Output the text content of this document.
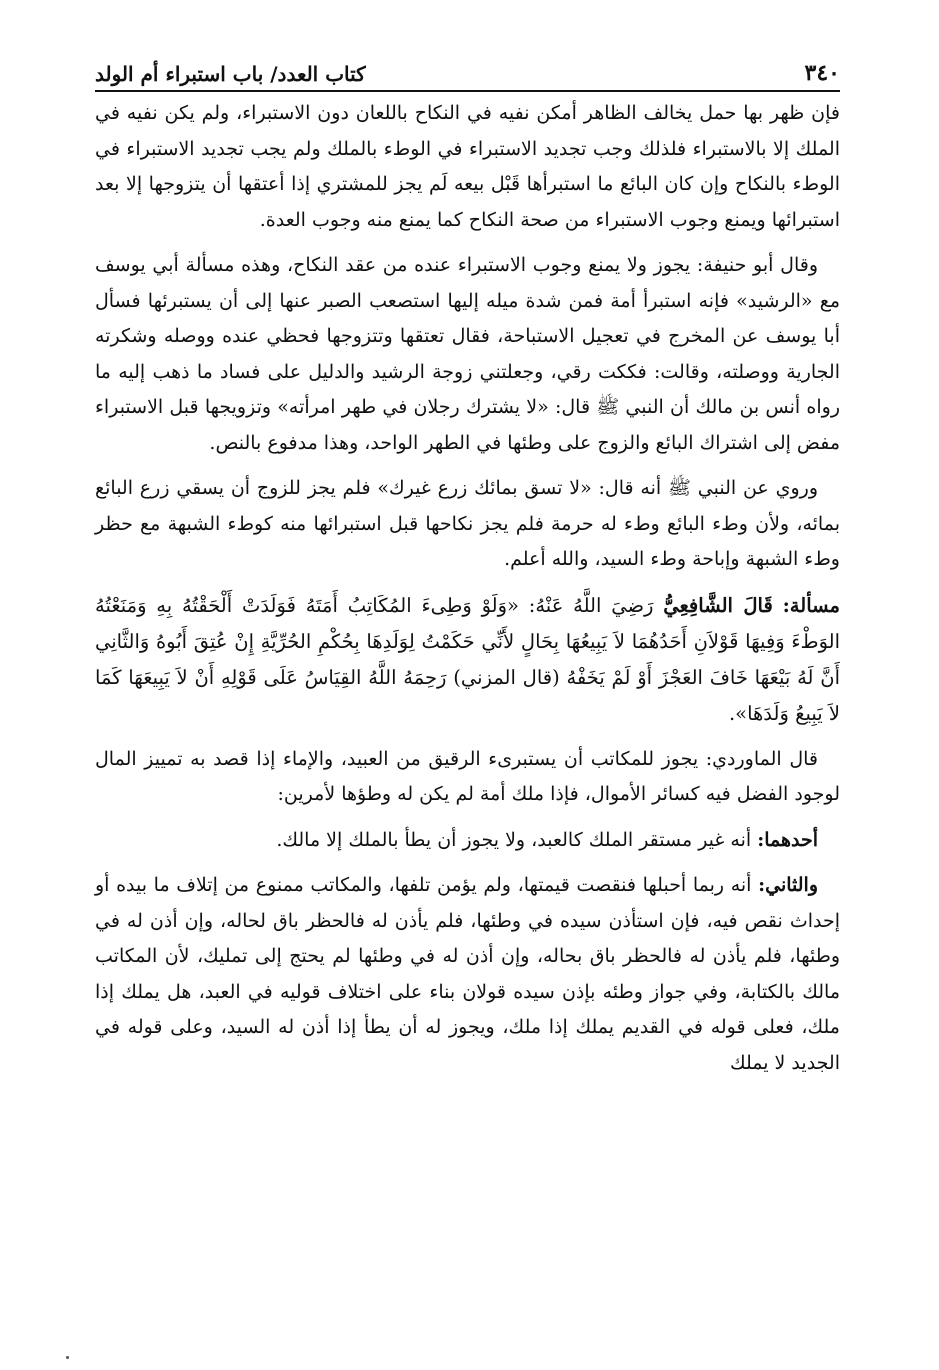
٣٤٠
كتاب العدد/ باب استبراء أم الولد

فإن ظهر بها حمل يخالف الظاهر أمكن نفيه في النكاح باللعان دون الاستبراء، ولم يكن نفيه في الملك إلا بالاستبراء فلذلك وجب تجديد الاستبراء في الوطء بالملك ولم يجب تجديد الاستبراء في الوطء بالنكاح وإن كان البائع ما استبرأها قَبْل بيعه لَم يجز للمشتري إذا أعتقها أن يتزوجها إلا بعد استبرائها ويمنع وجوب الاستبراء من صحة النكاح كما يمنع منه وجوب العدة.

وقال أبو حنيفة: يجوز ولا يمنع وجوب الاستبراء عنده من عقد النكاح، وهذه مسألة أبي يوسف مع «الرشيد» فإنه استبرأ أمة فمن شدة ميله إليها استصعب الصبر عنها إلى أن يستبرئها فسأل أبا يوسف عن المخرج في تعجيل الاستباحة، فقال تعتقها وتتزوجها فحظي عنده ووصله وشكرته الجارية ووصلته، وقالت: فككت رقي، وجعلتني زوجة الرشيد والدليل على فساد ما ذهب إليه ما رواه أنس بن مالك أن النبي ﷺ قال: «لا يشترك رجلان في طهر امرأته» وتزويجها قبل الاستبراء مفض إلى اشتراك البائع والزوج على وطئها في الطهر الواحد، وهذا مدفوع بالنص.

وروي عن النبي ﷺ أنه قال: «لا تسق بمائك زرع غيرك» فلم يجز للزوج أن يسقي زرع البائع بمائه، ولأن وطء البائع وطء له حرمة فلم يجز نكاحها قبل استبرائها منه كوطء الشبهة مع حظر وطء الشبهة وإباحة وطء السيد، والله أعلم.

مسألة: قَالَ الشَّافِعِيُّ رَضِيَ اللَّهُ عَنْهُ: «وَلَوْ وَطِىءَ المُكَاتِبُ أَمَتَهُ فَوَلَدَتْ أَلْحَقْتُهُ بِهِ وَمَنَعْتُهُ الوَطْءَ وَفِيهَا قَوْلاَنِ أَحَدُهُمَا لاَ يَبِيعُهَا بِحَالٍ لأَنِّي حَكَمْتُ لِوَلَدِهَا بِحُكْمِ الحُرِّيَّةِ إِنْ عُتِقَ أَبُوهُ وَالثَّانِي أَنَّ لَهُ بَيْعَهَا خَافَ العَجْزَ أَوْ لَمْ يَخَفْهُ (قال المزني) رَحِمَهُ اللَّهُ القِيَاسُ عَلَى قَوْلِهِ أَنْ لاَ يَبِيعَهَا كَمَا لاَ يَبِيعُ وَلَدَهَا».

قال الماوردي: يجوز للمكاتب أن يستبرىء الرقيق من العبيد، والإماء إذا قصد به تمييز المال لوجود الفضل فيه كسائر الأموال، فإذا ملك أمة لم يكن له وطؤها لأمرين:

أحدهما: أنه غير مستقر الملك كالعبد، ولا يجوز أن يطأ بالملك إلا مالك.

والثاني: أنه ربما أحبلها فنقصت قيمتها، ولم يؤمن تلفها، والمكاتب ممنوع من إتلاف ما بيده أو إحداث نقص فيه، فإن استأذن سيده في وطئها، فلم يأذن له فالحظر باق لحاله، وإن أذن له في وطئها، فلم يأذن له فالحظر باق بحاله، وإن أذن له في وطئها لم يحتج إلى تمليك، لأن المكاتب مالك بالكتابة، وفي جواز وطئه بإذن سيده قولان بناء على اختلاف قوليه في العبد، هل يملك إذا ملك، فعلى قوله في القديم يملك إذا ملك، ويجوز له أن يطأ إذا أذن له السيد، وعلى قوله في الجديد لا يملك
